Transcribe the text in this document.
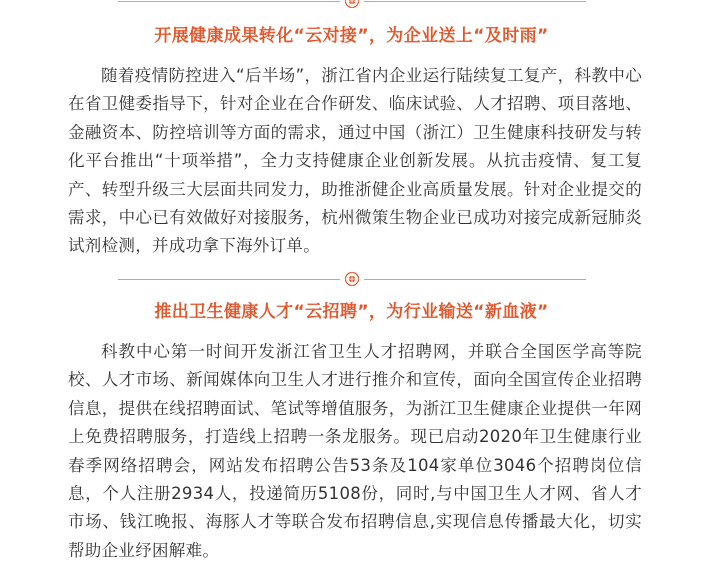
开展健康成果转化“云对接”，为企业送上“及时雨”
随着疫情防控进入“后半场”，浙江省内企业运行陆续复工复产，科教中心在省卫健委指导下，针对企业在合作研发、临床试验、人才招聘、项目落地、金融资本、防控培训等方面的需求，通过中国（浙江）卫生健康科技研发与转化平台推出“十项举措”，全力支持健康企业创新发展。从抗击疫情、复工复产、转型升级三大层面共同发力，助推浙健企业高质量发展。针对企业提交的需求，中心已有效做好对接服务，杭州微策生物企业已成功对接完成新冠肺炎试剂检测，并成功拿下海外订单。
推出卫生健康人才“云招聘”，为行业输送“新血液”
科教中心第一时间开发浙江省卫生人才招聘网，并联合全国医学高等院校、人才市场、新闻媒体向卫生人才进行推介和宣传，面向全国宣传企业招聘信息，提供在线招聘面试、笔试等增值服务，为浙江卫生健康企业提供一年网上免费招聘服务，打造线上招聘一条龙服务。现已启动2020年卫生健康行业春季网络招聘会，网站发布招聘公告53条及104家单位3046个招聘岗位信息，个人注册2934人，投递简历5108份，同时,与中国卫生人才网、省人才市场、钱江晚报、海豚人才等联合发布招聘信息,实现信息传播最大化，切实帮助企业纾困解难。
